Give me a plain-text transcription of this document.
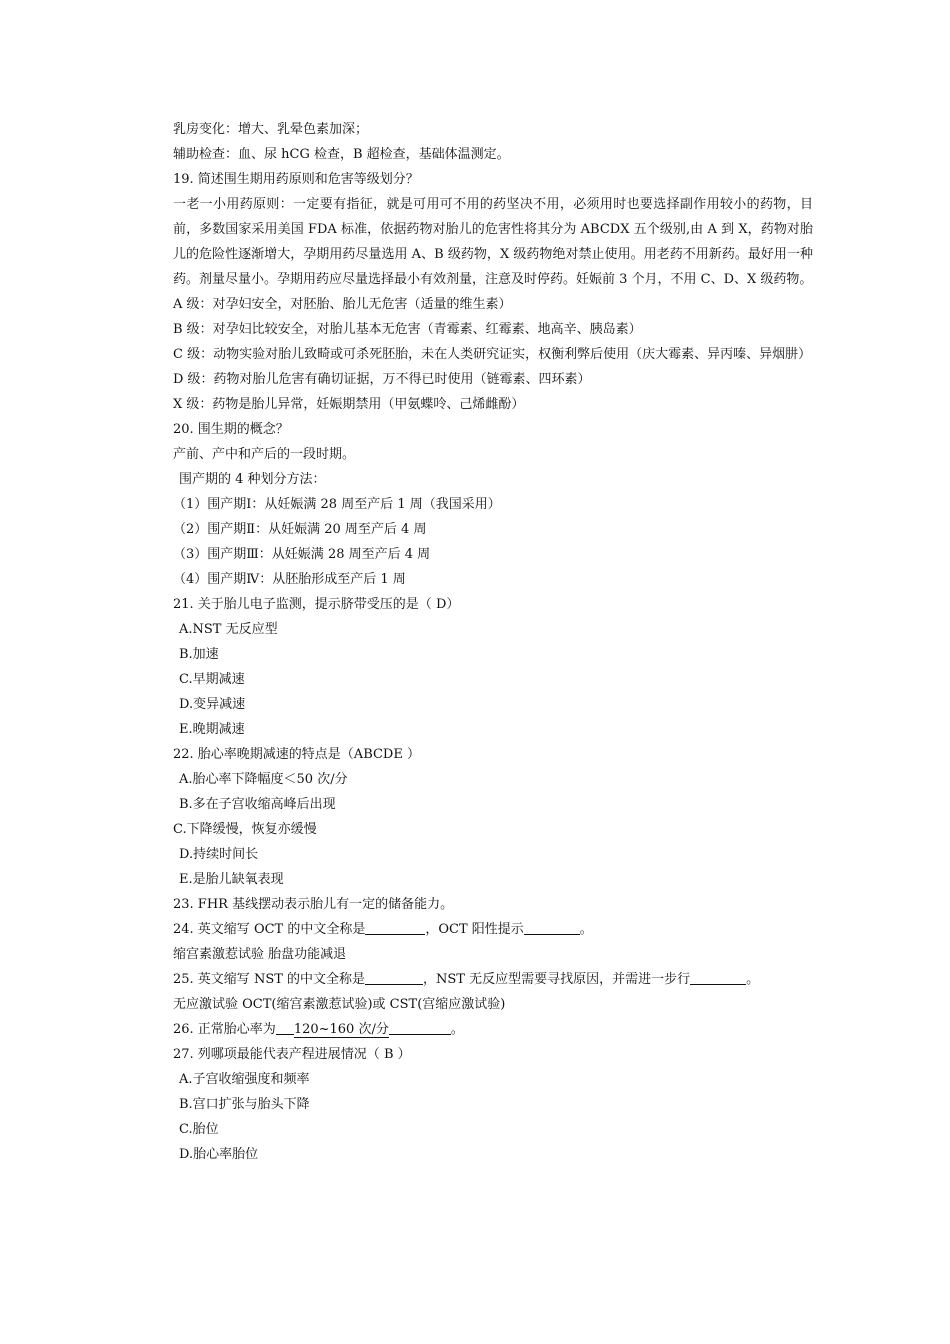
乳房变化：增大、乳晕色素加深；
辅助检查：血、尿 hCG 检查，B 超检查，基础体温测定。
19. 简述围生期用药原则和危害等级划分？
一老一小用药原则：一定要有指征，就是可用可不用的药坚决不用，必须用时也要选择副作用较小的药物，目前，多数国家采用美国 FDA 标准，依据药物对胎儿的危害性将其分为 ABCDX 五个级别,由 A 到 X，药物对胎儿的危险性逐渐增大，孕期用药尽量选用 A、B 级药物，X 级药物绝对禁止使用。用老药不用新药。最好用一种药。剂量尽量小。孕期用药应尽量选择最小有效剂量，注意及时停药。妊娠前 3 个月，不用 C、D、X 级药物。
A 级：对孕妇安全，对胚胎、胎儿无危害（适量的维生素）
B 级：对孕妇比较安全，对胎儿基本无危害（青霉素、红霉素、地高辛、胰岛素）
C 级：动物实验对胎儿致畸或可杀死胚胎，未在人类研究证实，权衡利弊后使用（庆大霉素、异丙嗪、异烟肼）
D 级：药物对胎儿危害有确切证据，万不得已时使用（链霉素、四环素）
X 级：药物是胎儿异常，妊娠期禁用（甲氨蝶呤、己烯雌酚）
20. 围生期的概念？
产前、产中和产后的一段时期。
围产期的 4 种划分方法：
（1）围产期Ⅰ：从妊娠满 28 周至产后 1 周（我国采用）
（2）围产期Ⅱ：从妊娠满 20 周至产后 4 周
（3）围产期Ⅲ：从妊娠满 28 周至产后 4 周
（4）围产期Ⅳ：从胚胎形成至产后 1 周
21. 关于胎儿电子监测，提示脐带受压的是（ D）
A.NST 无反应型
B.加速
C.早期减速
D.变异减速
E.晚期减速
22. 胎心率晚期减速的特点是（ABCDE ）
A.胎心率下降幅度＜50 次/分
B.多在子宫收缩高峰后出现
C.下降缓慢，恢复亦缓慢
D.持续时间长
E.是胎儿缺氧表现
23. FHR 基线摆动表示胎儿有一定的储备能力。
24. 英文缩写 OCT 的中文全称是	，OCT 阳性提示	。
缩宫素激惹试验 胎盘功能减退
25. 英文缩写 NST 的中文全称是	，NST 无反应型需要寻找原因，并需进一步行	。
无应激试验 OCT(缩宫素激惹试验)或 CST(宫缩应激试验)
26. 正常胎心率为 120~160 次/分	。
27. 列哪项最能代表产程进展情况（ B ）
A.子宫收缩强度和频率
B.宫口扩张与胎头下降
C.胎位
D.胎心率胎位
